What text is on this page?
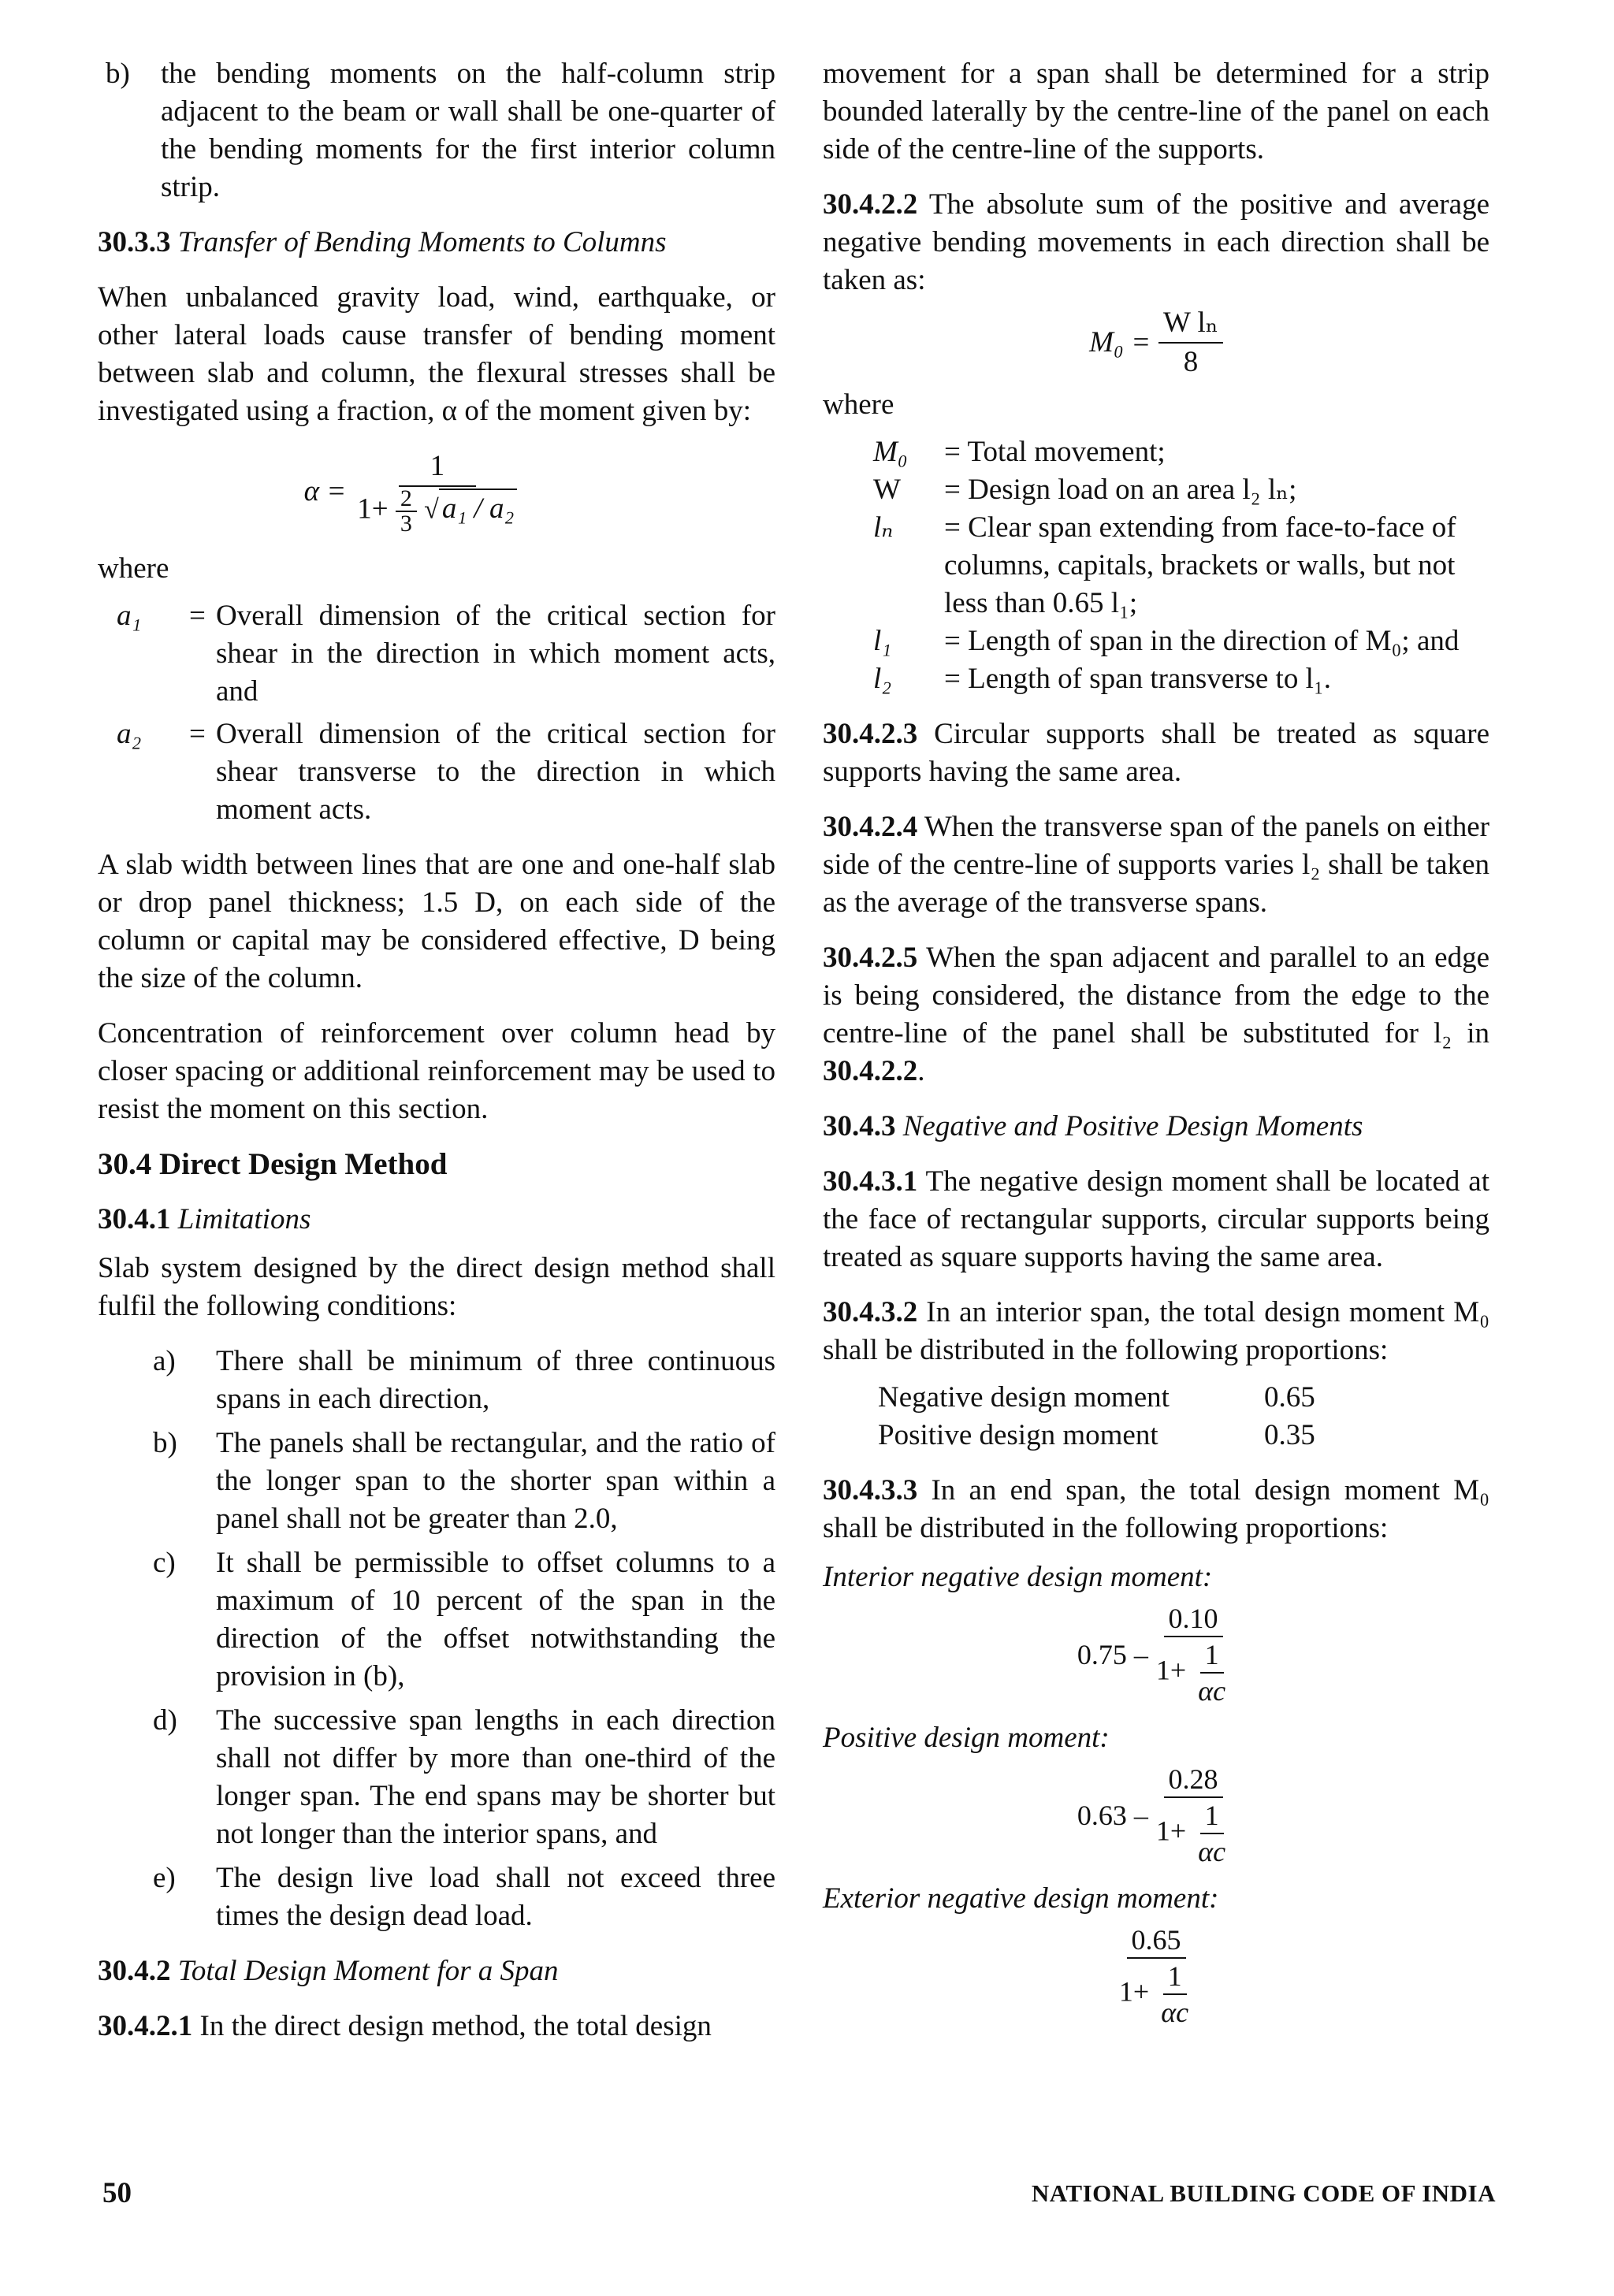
b)	the bending moments on the half-column strip adjacent to the beam or wall shall be one-quarter of the bending moments for the first interior column strip.
30.3.3 Transfer of Bending Moments to Columns

When unbalanced gravity load, wind, earthquake, or other lateral loads cause transfer of bending moment between slab and column, the flexural stresses shall be investigated using a fraction, α of the moment given by:

α =
1
$1+ \frac{2}{3}$ √ a₁ / a₂

where

a₁	= Overall dimension of the critical section for shear in the direction in which moment acts, and
a₂	= Overall dimension of the critical section for shear transverse to the direction in which moment acts.

A slab width between lines that are one and one-half slab or drop panel thickness; 1.5 D, on each side of the column or capital may be considered effective, D being the size of the column.

Concentration of reinforcement over column head by closer spacing or additional reinforcement may be used to resist the moment on this section.

30.4 Direct Design Method
30.4.1 Limitations

Slab system designed by the direct design method shall fulfil the following conditions:

a)	There shall be minimum of three continuous spans in each direction,
b)	The panels shall be rectangular, and the ratio of the longer span to the shorter span within a panel shall not be greater than 2.0,
c)	It shall be permissible to offset columns to a maximum of 10 percent of the span in the direction of the offset notwithstanding the provision in (b),
d)	The successive span lengths in each direction shall not differ by more than one-third of the longer span. The end spans may be shorter but not longer than the interior spans, and
e)	The design live load shall not exceed three times the design dead load.
30.4.2 Total Design Moment for a Span

30.4.2.1 In the direct design method, the total design

movement for a span shall be determined for a strip bounded laterally by the centre-line of the panel on each side of the centre-line of the supports.

30.4.2.2 The absolute sum of the positive and average negative bending movements in each direction shall be taken as:

$M_0 = \frac{\text{W lₙ}}{8}$

where

M₀	= Total movement;
W	= Design load on an area l₂ lₙ;
lₙ	= Clear span extending from face-to-face of columns, capitals, brackets or walls, but not less than 0.65 l₁;
l₁	= Length of span in the direction of M₀; and
l₂	= Length of span transverse to l₁.

30.4.2.3 Circular supports shall be treated as square supports having the same area.

30.4.2.4 When the transverse span of the panels on either side of the centre-line of supports varies l₂ shall be taken as the average of the transverse spans.

30.4.2.5 When the span adjacent and parallel to an edge is being considered, the distance from the edge to the centre-line of the panel shall be substituted for l₂ in 30.4.2.2.

30.4.3 Negative and Positive Design Moments

30.4.3.1 The negative design moment shall be located at the face of rectangular supports, circular supports being treated as square supports having the same area.

30.4.3.2 In an interior span, the total design moment M₀ shall be distributed in the following proportions:

Negative design moment	0.65
Positive design moment	0.35

30.4.3.3 In an end span, the total design moment M₀ shall be distributed in the following proportions:

Interior negative design moment:
$0.75 - \frac{0.10}{1+ \frac{1}{\alpha c}}$
Positive design moment:
$0.63 - \frac{0.28}{1+ \frac{1}{\alpha c}}$
Exterior negative design moment:
$\frac{0.65}{1+ \frac{1}{\alpha c}}$
50	NATIONAL BUILDING CODE OF INDIA
